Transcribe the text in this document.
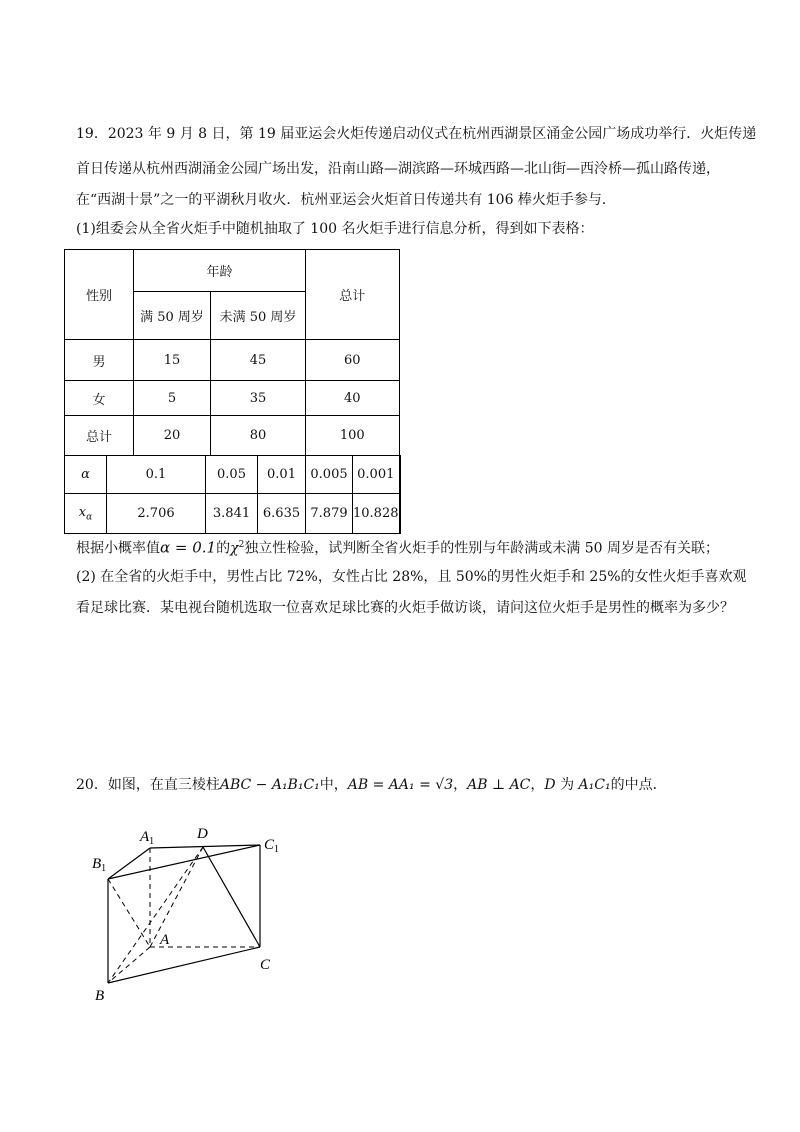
19．2023 年 9 月 8 日，第 19 届亚运会火炬传递启动仪式在杭州西湖景区涌金公园广场成功举行．火炬传递
首日传递从杭州西湖涌金公园广场出发，沿南山路—湖滨路—环城西路—北山街—西泠桥—孤山路传递，
在“西湖十景”之一的平湖秋月收火．杭州亚运会火炬首日传递共有 106 棒火炬手参与．
(1)组委会从全省火炬手中随机抽取了 100 名火炬手进行信息分析，得到如下表格：
性别		年龄				总计		
		满 50 周岁		未满 50 周岁				
男		15		45		60		
女		5		35		40		
总计		20		80		100		
α	0.1		0.05		0.01	0.005	0.001	
$x_\alpha$	2.706		3.841		6.635	7.879	10.828	
根据小概率值α = 0.1的$\chi^2$独立性检验，试判断全省火炬手的性别与年龄满或未满 50 周岁是否有关联；
(2) 在全省的火炬手中，男性占比 72%，女性占比 28%，且 50%的男性火炬手和 25%的女性火炬手喜欢观
看足球比赛．某电视台随机选取一位喜欢足球比赛的火炬手做访谈，请问这位火炬手是男性的概率为多少？
20．如图，在直三棱柱ABC − A₁B₁C₁中，AB = AA₁ = √3，AB ⊥ AC，D 为 A₁C₁的中点．
$A_1$	D
$C_1$
$B_1$
A
C
B
